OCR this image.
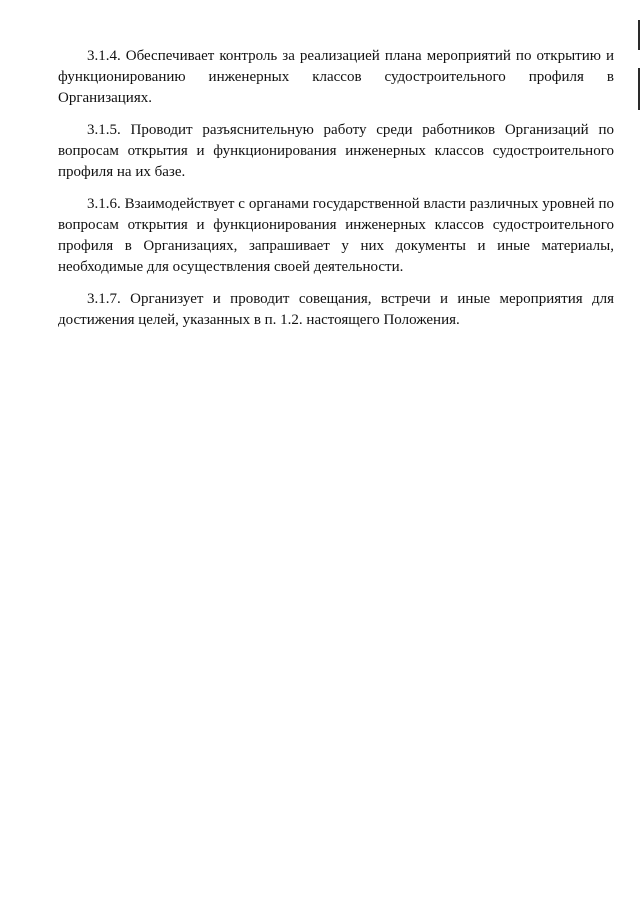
3.1.4. Обеспечивает контроль за реализацией плана мероприятий по открытию и функционированию инженерных классов судостроительного профиля в Организациях.

3.1.5. Проводит разъяснительную работу среди работников Организаций по вопросам открытия и функционирования инженерных классов судостроительного профиля на их базе.

3.1.6. Взаимодействует с органами государственной власти различных уровней по вопросам открытия и функционирования инженерных классов судостроительного профиля в Организациях, запрашивает у них документы и иные материалы, необходимые для осуществления своей деятельности.

3.1.7. Организует и проводит совещания, встречи и иные мероприятия для достижения целей, указанных в п. 1.2. настоящего Положения.
